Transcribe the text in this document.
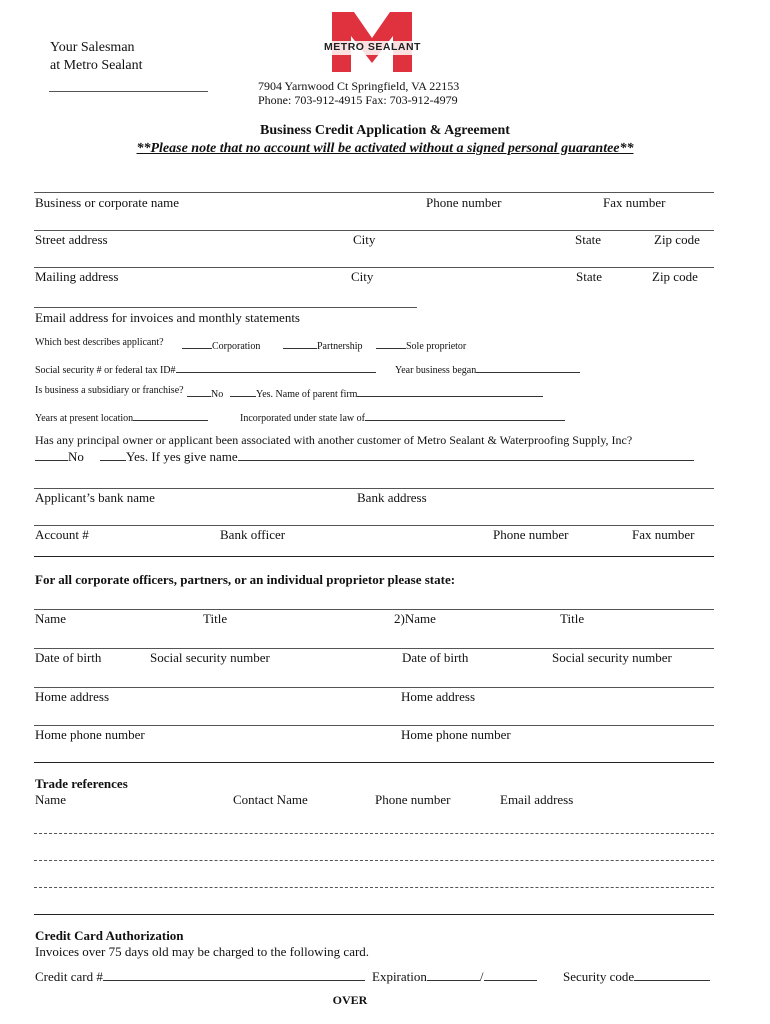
Your Salesman
at Metro Sealant
METRO SEALANT
7904 Yarnwood Ct Springfield, VA 22153
Phone: 703-912-4915 Fax: 703-912-4979
Business Credit Application & Agreement
**Please note that no account will be activated without a signed personal guarantee**
Business or corporate name	Phone number	Fax number
Street address	City	State	Zip code
Mailing address	City	State	Zip code
Email address for invoices and monthly statements
Which best describes applicant?	Corporation	Partnership	Sole proprietor
Social security # or federal tax ID#	Year business began
Is business a subsidiary or franchise?	No	Yes. Name of parent firm
Years at present location	Incorporated under state law of
Has any principal owner or applicant been associated with another customer of Metro Sealant & Waterproofing Supply, Inc?
No	Yes. If yes give name
Applicant’s bank name	Bank address
Account #	Bank officer	Phone number	Fax number
For all corporate officers, partners, or an individual proprietor please state:
Name	Title	2)Name	Title
Date of birth	Social security number	Date of birth	Social security number
Home address	Home address
Home phone number	Home phone number
Trade references
Name	Contact Name	Phone number	Email address
Credit Card Authorization
Invoices over 75 days old may be charged to the following card.
Credit card #	Expiration	/	Security code
OVER
